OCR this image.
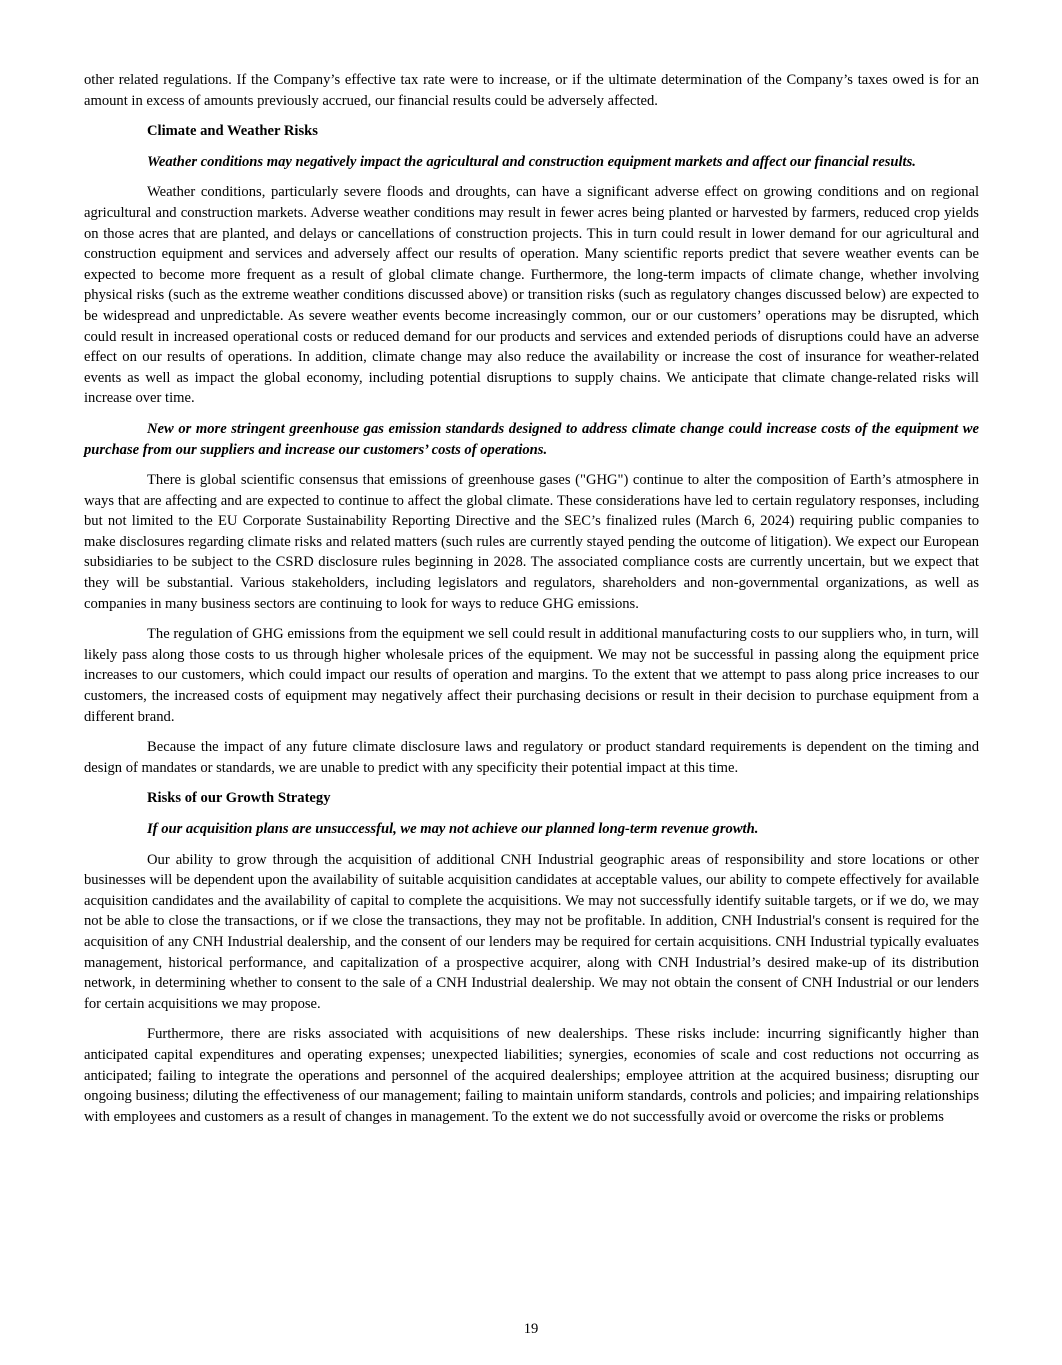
other related regulations. If the Company’s effective tax rate were to increase, or if the ultimate determination of the Company’s taxes owed is for an amount in excess of amounts previously accrued, our financial results could be adversely affected.

Climate and Weather Risks

Weather conditions may negatively impact the agricultural and construction equipment markets and affect our financial results.

Weather conditions, particularly severe floods and droughts, can have a significant adverse effect on growing conditions and on regional agricultural and construction markets. Adverse weather conditions may result in fewer acres being planted or harvested by farmers, reduced crop yields on those acres that are planted, and delays or cancellations of construction projects. This in turn could result in lower demand for our agricultural and construction equipment and services and adversely affect our results of operation. Many scientific reports predict that severe weather events can be expected to become more frequent as a result of global climate change. Furthermore, the long-term impacts of climate change, whether involving physical risks (such as the extreme weather conditions discussed above) or transition risks (such as regulatory changes discussed below) are expected to be widespread and unpredictable. As severe weather events become increasingly common, our or our customers’ operations may be disrupted, which could result in increased operational costs or reduced demand for our products and services and extended periods of disruptions could have an adverse effect on our results of operations. In addition, climate change may also reduce the availability or increase the cost of insurance for weather-related events as well as impact the global economy, including potential disruptions to supply chains. We anticipate that climate change-related risks will increase over time.

New or more stringent greenhouse gas emission standards designed to address climate change could increase costs of the equipment we purchase from our suppliers and increase our customers’ costs of operations.

There is global scientific consensus that emissions of greenhouse gases ("GHG") continue to alter the composition of Earth’s atmosphere in ways that are affecting and are expected to continue to affect the global climate. These considerations have led to certain regulatory responses, including but not limited to the EU Corporate Sustainability Reporting Directive and the SEC’s finalized rules (March 6, 2024) requiring public companies to make disclosures regarding climate risks and related matters (such rules are currently stayed pending the outcome of litigation). We expect our European subsidiaries to be subject to the CSRD disclosure rules beginning in 2028. The associated compliance costs are currently uncertain, but we expect that they will be substantial. Various stakeholders, including legislators and regulators, shareholders and non-governmental organizations, as well as companies in many business sectors are continuing to look for ways to reduce GHG emissions.

The regulation of GHG emissions from the equipment we sell could result in additional manufacturing costs to our suppliers who, in turn, will likely pass along those costs to us through higher wholesale prices of the equipment. We may not be successful in passing along the equipment price increases to our customers, which could impact our results of operation and margins. To the extent that we attempt to pass along price increases to our customers, the increased costs of equipment may negatively affect their purchasing decisions or result in their decision to purchase equipment from a different brand.

Because the impact of any future climate disclosure laws and regulatory or product standard requirements is dependent on the timing and design of mandates or standards, we are unable to predict with any specificity their potential impact at this time.

Risks of our Growth Strategy

If our acquisition plans are unsuccessful, we may not achieve our planned long-term revenue growth.

Our ability to grow through the acquisition of additional CNH Industrial geographic areas of responsibility and store locations or other businesses will be dependent upon the availability of suitable acquisition candidates at acceptable values, our ability to compete effectively for available acquisition candidates and the availability of capital to complete the acquisitions. We may not successfully identify suitable targets, or if we do, we may not be able to close the transactions, or if we close the transactions, they may not be profitable. In addition, CNH Industrial's consent is required for the acquisition of any CNH Industrial dealership, and the consent of our lenders may be required for certain acquisitions. CNH Industrial typically evaluates management, historical performance, and capitalization of a prospective acquirer, along with CNH Industrial’s desired make-up of its distribution network, in determining whether to consent to the sale of a CNH Industrial dealership. We may not obtain the consent of CNH Industrial or our lenders for certain acquisitions we may propose.

Furthermore, there are risks associated with acquisitions of new dealerships. These risks include: incurring significantly higher than anticipated capital expenditures and operating expenses; unexpected liabilities; synergies, economies of scale and cost reductions not occurring as anticipated; failing to integrate the operations and personnel of the acquired dealerships; employee attrition at the acquired business; disrupting our ongoing business; diluting the effectiveness of our management; failing to maintain uniform standards, controls and policies; and impairing relationships with employees and customers as a result of changes in management. To the extent we do not successfully avoid or overcome the risks or problems

19
